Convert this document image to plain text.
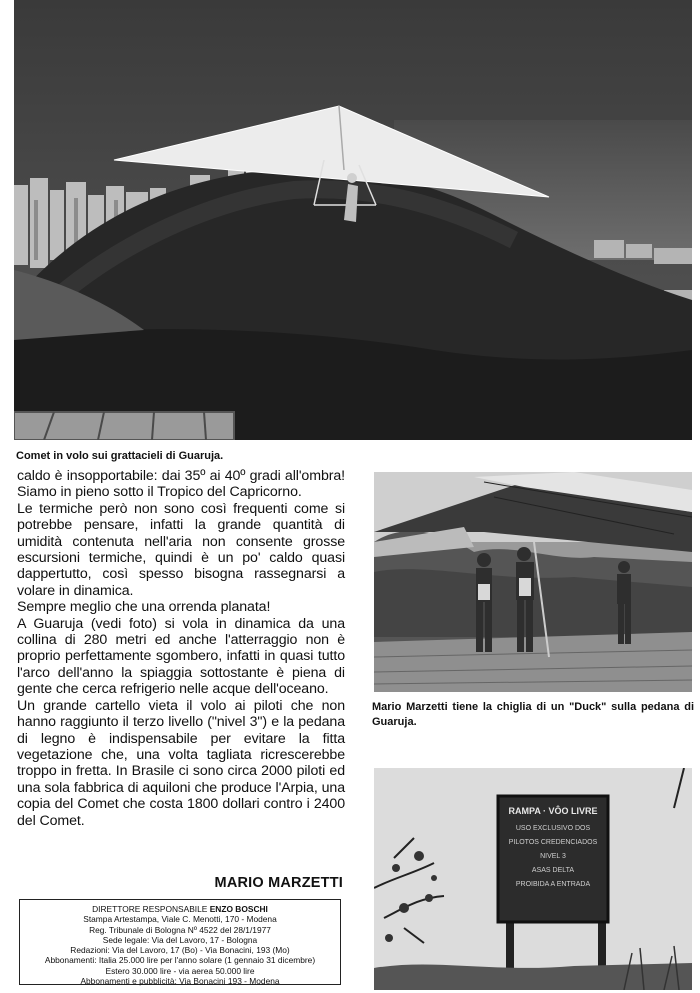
Comet in volo sui grattacieli di Guaruja.

caldo è insopportabile: dai 35º ai 40º gradi all'ombra! Siamo in pieno sotto il Tropico del Capricorno.

Le termiche però non sono così frequenti come si potrebbe pensare, infatti la grande quantità di umidità contenuta nell'aria non consente grosse escursioni termiche, quindi è un po' caldo quasi dappertutto, così spesso bisogna rassegnarsi a volare in dinamica.

Sempre meglio che una orrenda planata!

A Guaruja (vedi foto) si vola in dinamica da una collina di 280 metri ed anche l'atterraggio non è proprio perfettamente sgombero, infatti in quasi tutto l'arco dell'anno la spiaggia sottostante è piena di gente che cerca refrigerio nelle acque dell'oceano.

Un grande cartello vieta il volo ai piloti che non hanno raggiunto il terzo livello ("nivel 3") e la pedana di legno è indispensabile per evitare la fitta vegetazione che, una volta tagliata ricrescerebbe troppo in fretta. In Brasile ci sono circa 2000 piloti ed una sola fabbrica di aquiloni che produce l'Arpia, una copia del Comet che costa 1800 dollari contro i 2400 del Comet.

MARIO MARZETTI
DIRETTORE RESPONSABILE ENZO BOSCHI
Stampa Artestampa, Viale C. Menotti, 170 - Modena
Reg. Tribunale di Bologna Nº 4522 del 28/1/1977
Sede legale: Via del Lavoro, 17 - Bologna
Redazioni: Via del Lavoro, 17 (Bo) - Via Bonacini, 193 (Mo)
Abbonamenti: Italia 25.000 lire per l'anno solare (1 gennaio 31 dicembre)
Estero 30.000 lire - via aerea 50.000 lire
Abbonamenti e pubblicità: Via Bonacini 193 - Modena
Mario Marzetti tiene la chiglia di un "Duck" sulla pedana di Guaruja.
RAMPA · VÔO LIVRE
USO EXCLUSIVO DOS
PILOTOS CREDENCIADOS
NIVEL 3
ASAS DELTA
PROIBIDA A ENTRADA
